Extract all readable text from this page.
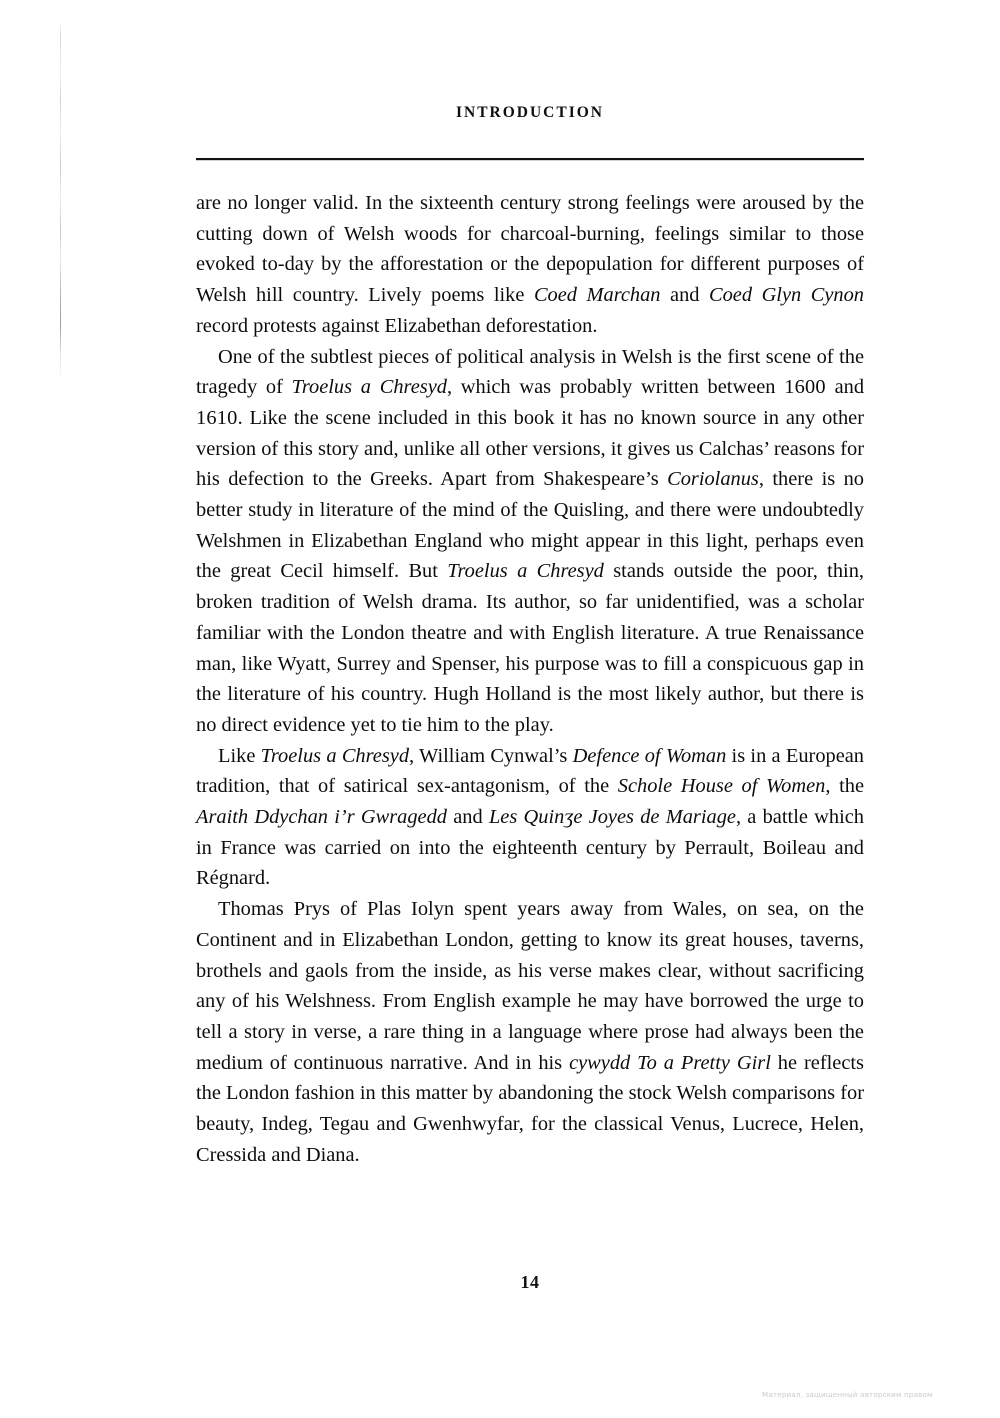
INTRODUCTION

are no longer valid. In the sixteenth century strong feelings were aroused by the cutting down of Welsh woods for charcoal-burning, feelings similar to those evoked to-day by the afforestation or the depopulation for different purposes of Welsh hill country. Lively poems like Coed Marchan and Coed Glyn Cynon record protests against Elizabethan deforestation.

One of the subtlest pieces of political analysis in Welsh is the first scene of the tragedy of Troelus a Chresyd, which was probably written between 1600 and 1610. Like the scene included in this book it has no known source in any other version of this story and, unlike all other versions, it gives us Calchas’ reasons for his defection to the Greeks. Apart from Shakespeare’s Coriolanus, there is no better study in literature of the mind of the Quisling, and there were undoubtedly Welshmen in Elizabethan England who might appear in this light, perhaps even the great Cecil himself. But Troelus a Chresyd stands outside the poor, thin, broken tradition of Welsh drama. Its author, so far unidentified, was a scholar familiar with the London theatre and with English literature. A true Renaissance man, like Wyatt, Surrey and Spenser, his purpose was to fill a conspicuous gap in the literature of his country. Hugh Holland is the most likely author, but there is no direct evidence yet to tie him to the play.

Like Troelus a Chresyd, William Cynwal’s Defence of Woman is in a European tradition, that of satirical sex-antagonism, of the Schole House of Women, the Araith Ddychan i’r Gwragedd and Les Quinʒe Joyes de Mariage, a battle which in France was carried on into the eighteenth century by Perrault, Boileau and Régnard.

Thomas Prys of Plas Iolyn spent years away from Wales, on sea, on the Continent and in Elizabethan London, getting to know its great houses, taverns, brothels and gaols from the inside, as his verse makes clear, without sacrificing any of his Welshness. From English example he may have borrowed the urge to tell a story in verse, a rare thing in a language where prose had always been the medium of continuous narrative. And in his cywydd To a Pretty Girl he reflects the London fashion in this matter by abandoning the stock Welsh comparisons for beauty, Indeg, Tegau and Gwenhwyfar, for the classical Venus, Lucrece, Helen, Cressida and Diana.

14
Материал, защищенный авторским правом
